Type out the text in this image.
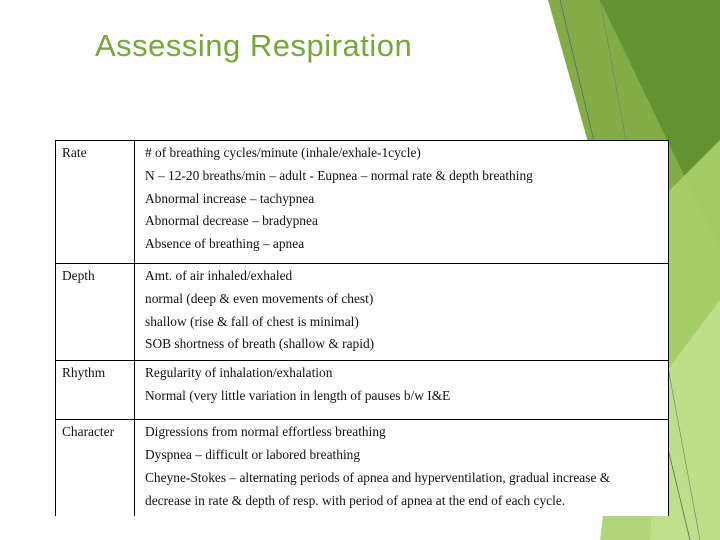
Assessing Respiration
Rate	# of breathing cycles/minute (inhale/exhale-1cycle)
N – 12-20 breaths/min – adult - Eupnea – normal rate & depth breathing
Abnormal increase – tachypnea
Abnormal decrease – bradypnea
Absence of breathing – apnea

Depth	Amt. of air inhaled/exhaled
normal (deep & even movements of chest)
shallow (rise & fall of chest is minimal)
SOB shortness of breath (shallow & rapid)

Rhythm	Regularity of inhalation/exhalation
Normal (very little variation in length of pauses b/w I&E

Character	Digressions from normal effortless breathing
Dyspnea – difficult or labored breathing
Cheyne-Stokes – alternating periods of apnea and hyperventilation, gradual increase & decrease in rate & depth of resp. with period of apnea at the end of each cycle.
